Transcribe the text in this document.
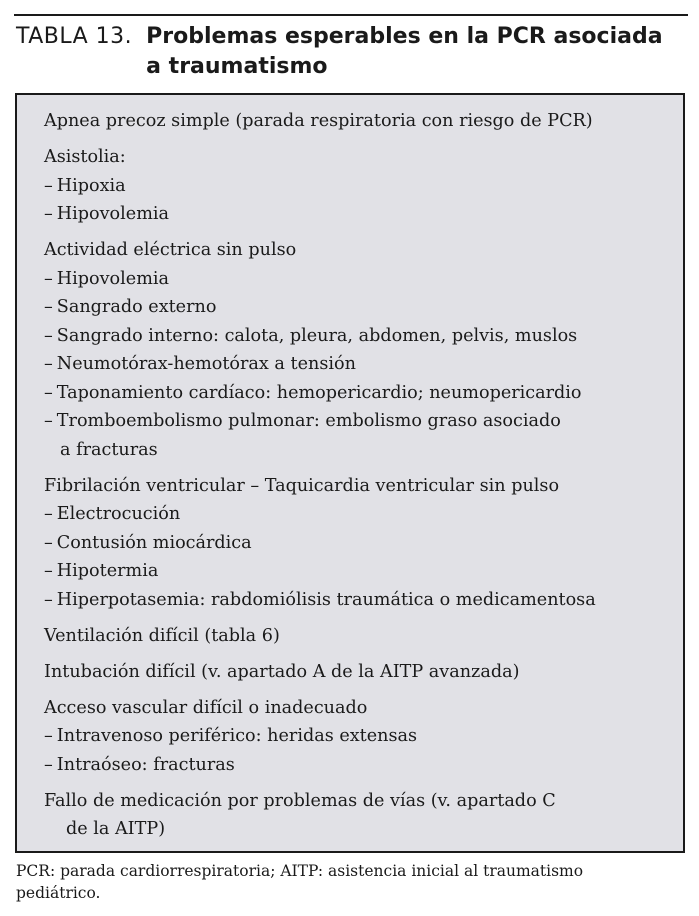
TABLA 13. Problemas esperables en la PCR asociada
a traumatismo
Apnea precoz simple (parada respiratoria con riesgo de PCR)
Asistolia:
– Hipoxia
– Hipovolemia
Actividad eléctrica sin pulso
– Hipovolemia
– Sangrado externo
– Sangrado interno: calota, pleura, abdomen, pelvis, muslos
– Neumotórax-hemotórax a tensión
– Taponamiento cardíaco: hemopericardio; neumopericardio
– Tromboembolismo pulmonar: embolismo graso asociado
a fracturas
Fibrilación ventricular – Taquicardia ventricular sin pulso
– Electrocución
– Contusión miocárdica
– Hipotermia
– Hiperpotasemia: rabdomiólisis traumática o medicamentosa
Ventilación difícil (tabla 6)
Intubación difícil (v. apartado A de la AITP avanzada)
Acceso vascular difícil o inadecuado
– Intravenoso periférico: heridas extensas
– Intraóseo: fracturas
Fallo de medicación por problemas de vías (v. apartado C
de la AITP)
PCR: parada cardiorrespiratoria; AITP: asistencia inicial al traumatismo
pediátrico.
